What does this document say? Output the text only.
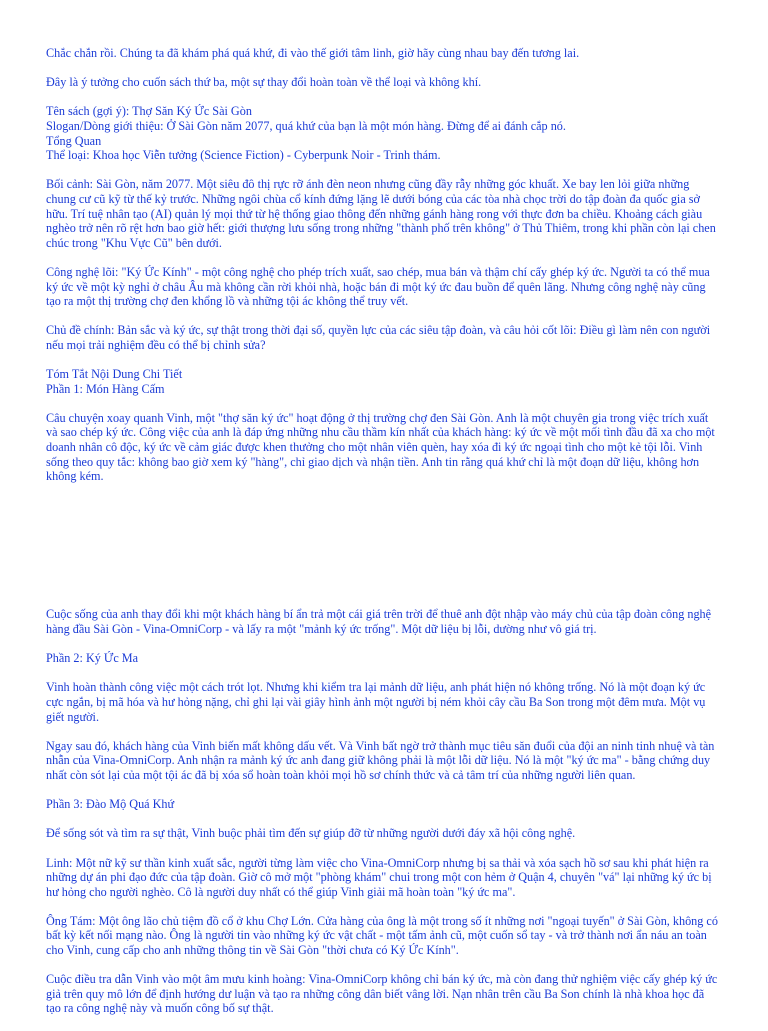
Chắc chắn rồi. Chúng ta đã khám phá quá khứ, đi vào thế giới tâm linh, giờ hãy cùng nhau bay đến tương lai.

Đây là ý tưởng cho cuốn sách thứ ba, một sự thay đổi hoàn toàn về thể loại và không khí.

Tên sách (gợi ý): Thợ Săn Ký Ức Sài Gòn
Slogan/Dòng giới thiệu: Ở Sài Gòn năm 2077, quá khứ của bạn là một món hàng. Đừng để ai đánh cắp nó.
Tổng Quan
Thể loại: Khoa học Viễn tưởng (Science Fiction) - Cyberpunk Noir - Trinh thám.

Bối cảnh: Sài Gòn, năm 2077. Một siêu đô thị rực rỡ ánh đèn neon nhưng cũng đầy rẫy những góc khuất. Xe bay len lỏi giữa những chung cư cũ kỹ từ thế kỷ trước. Những ngôi chùa cổ kính đứng lặng lẽ dưới bóng của các tòa nhà chọc trời do tập đoàn đa quốc gia sở hữu. Trí tuệ nhân tạo (AI) quản lý mọi thứ từ hệ thống giao thông đến những gánh hàng rong với thực đơn ba chiều. Khoảng cách giàu nghèo trở nên rõ rệt hơn bao giờ hết: giới thượng lưu sống trong những "thành phố trên không" ở Thủ Thiêm, trong khi phần còn lại chen chúc trong "Khu Vực Cũ" bên dưới.

Công nghệ lõi: "Ký Ức Kính" - một công nghệ cho phép trích xuất, sao chép, mua bán và thậm chí cấy ghép ký ức. Người ta có thể mua ký ức về một kỳ nghỉ ở châu Âu mà không cần rời khỏi nhà, hoặc bán đi một ký ức đau buồn để quên lãng. Nhưng công nghệ này cũng tạo ra một thị trường chợ đen khổng lồ và những tội ác không thể truy vết.

Chủ đề chính: Bản sắc và ký ức, sự thật trong thời đại số, quyền lực của các siêu tập đoàn, và câu hỏi cốt lõi: Điều gì làm nên con người nếu mọi trải nghiệm đều có thể bị chỉnh sửa?

Tóm Tắt Nội Dung Chi Tiết
Phần 1: Món Hàng Cấm

Câu chuyện xoay quanh Vinh, một "thợ săn ký ức" hoạt động ở thị trường chợ đen Sài Gòn. Anh là một chuyên gia trong việc trích xuất và sao chép ký ức. Công việc của anh là đáp ứng những nhu cầu thầm kín nhất của khách hàng: ký ức về một mối tình đầu đã xa cho một doanh nhân cô độc, ký ức về cảm giác được khen thưởng cho một nhân viên quèn, hay xóa đi ký ức ngoại tình cho một kẻ tội lỗi. Vinh sống theo quy tắc: không bao giờ xem ký "hàng", chỉ giao dịch và nhận tiền. Anh tin rằng quá khứ chỉ là một đoạn dữ liệu, không hơn không kém.

Cuộc sống của anh thay đổi khi một khách hàng bí ẩn trả một cái giá trên trời để thuê anh đột nhập vào máy chủ của tập đoàn công nghệ hàng đầu Sài Gòn - Vina-OmniCorp - và lấy ra một "mảnh ký ức trống". Một dữ liệu bị lỗi, dường như vô giá trị.

Phần 2: Ký Ức Ma

Vinh hoàn thành công việc một cách trót lọt. Nhưng khi kiểm tra lại mảnh dữ liệu, anh phát hiện nó không trống. Nó là một đoạn ký ức cực ngắn, bị mã hóa và hư hỏng nặng, chỉ ghi lại vài giây hình ảnh một người bị ném khỏi cây cầu Ba Son trong một đêm mưa. Một vụ giết người.

Ngay sau đó, khách hàng của Vinh biến mất không dấu vết. Và Vinh bất ngờ trở thành mục tiêu săn đuổi của đội an ninh tinh nhuệ và tàn nhẫn của Vina-OmniCorp. Anh nhận ra mảnh ký ức anh đang giữ không phải là một lỗi dữ liệu. Nó là một "ký ức ma" - bằng chứng duy nhất còn sót lại của một tội ác đã bị xóa sổ hoàn toàn khỏi mọi hồ sơ chính thức và cả tâm trí của những người liên quan.

Phần 3: Đào Mộ Quá Khứ

Để sống sót và tìm ra sự thật, Vinh buộc phải tìm đến sự giúp đỡ từ những người dưới đáy xã hội công nghệ.

Linh: Một nữ kỹ sư thần kinh xuất sắc, người từng làm việc cho Vina-OmniCorp nhưng bị sa thải và xóa sạch hồ sơ sau khi phát hiện ra những dự án phi đạo đức của tập đoàn. Giờ cô mở một "phòng khám" chui trong một con hẻm ở Quận 4, chuyên "vá" lại những ký ức bị hư hỏng cho người nghèo. Cô là người duy nhất có thể giúp Vinh giải mã hoàn toàn "ký ức ma".

Ông Tám: Một ông lão chủ tiệm đồ cổ ở khu Chợ Lớn. Cửa hàng của ông là một trong số ít những nơi "ngoại tuyến" ở Sài Gòn, không có bất kỳ kết nối mạng nào. Ông là người tin vào những ký ức vật chất - một tấm ảnh cũ, một cuốn sổ tay - và trở thành nơi ẩn náu an toàn cho Vinh, cung cấp cho anh những thông tin về Sài Gòn "thời chưa có Ký Ức Kính".

Cuộc điều tra dẫn Vinh vào một âm mưu kinh hoàng: Vina-OmniCorp không chỉ bán ký ức, mà còn đang thử nghiệm việc cấy ghép ký ức giả trên quy mô lớn để định hướng dư luận và tạo ra những công dân biết vâng lời. Nạn nhân trên cầu Ba Son chính là nhà khoa học đã tạo ra công nghệ này và muốn công bố sự thật.
